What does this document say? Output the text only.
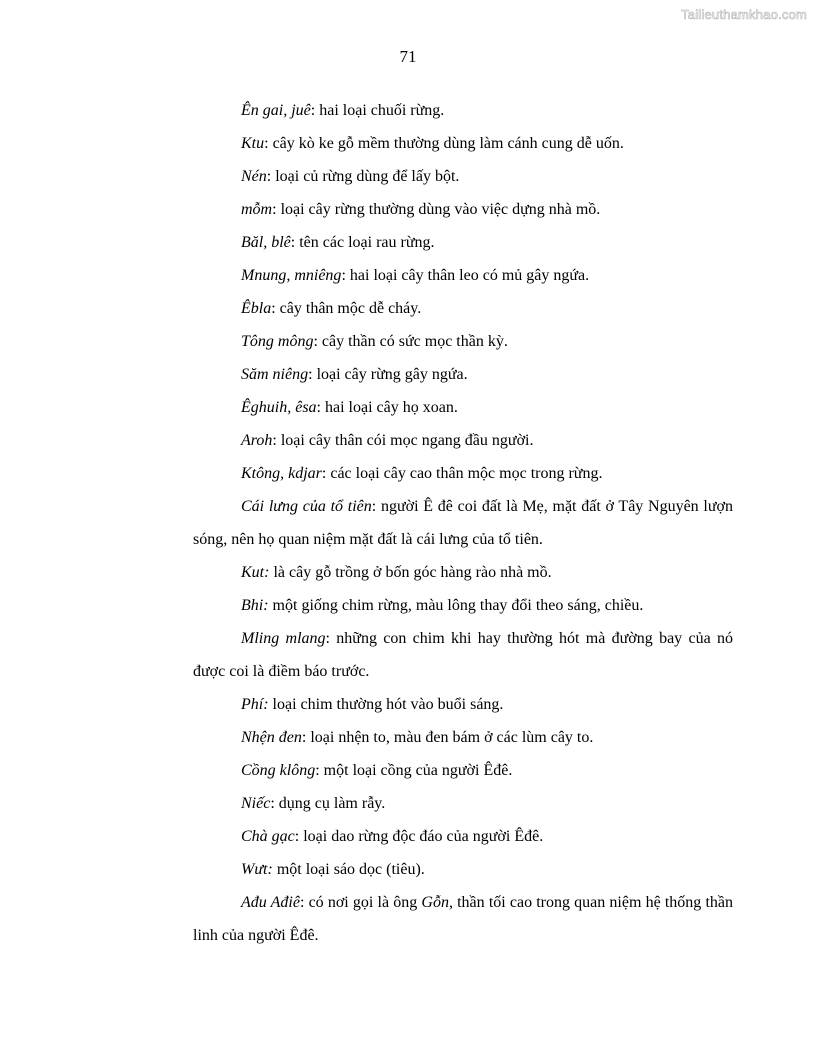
Tailieuthamkhao.com
71

Ên gai, juê: hai loại chuối rừng.

Ktu: cây kò ke gỗ mềm thường dùng làm cánh cung dễ uốn.

Nén: loại củ rừng dùng để lấy bột.

mỗm: loại cây rừng thường dùng vào việc dựng nhà mồ.

Băl, blê: tên các loại rau rừng.

Mnung, mniêng: hai loại cây thân leo có mủ gây ngứa.

Êbla: cây thân mộc dễ cháy.

Tông mông: cây thần có sức mọc thần kỳ.

Săm niêng: loại cây rừng gây ngứa.

Êghuih, êsa: hai loại cây họ xoan.

Aroh: loại cây thân cói mọc ngang đầu người.

Ktông, kdjar: các loại cây cao thân mộc mọc trong rừng.

Cái lưng của tổ tiên: người Ê đê coi đất là Mẹ, mặt đất ở Tây Nguyên lượn sóng, nên họ quan niệm mặt đất là cái lưng của tổ tiên.

Kut: là cây gỗ trồng ở bốn góc hàng rào nhà mồ.

Bhi: một giống chim rừng, màu lông thay đổi theo sáng, chiều.

Mling mlang: những con chim khi hay thường hót mà đường bay của nó được coi là điềm báo trước.

Phí: loại chim thường hót vào buổi sáng.

Nhện đen: loại nhện to, màu đen bám ở các lùm cây to.

Cồng klông: một loại cồng của người Êđê.

Niếc: dụng cụ làm rẫy.

Chà gạc: loại dao rừng độc đáo của người Êđê.

Wưt: một loại sáo dọc (tiêu).

Ađu Ađiê: có nơi gọi là ông Gỗn, thần tối cao trong quan niệm hệ thống thần linh của người Êđê.
